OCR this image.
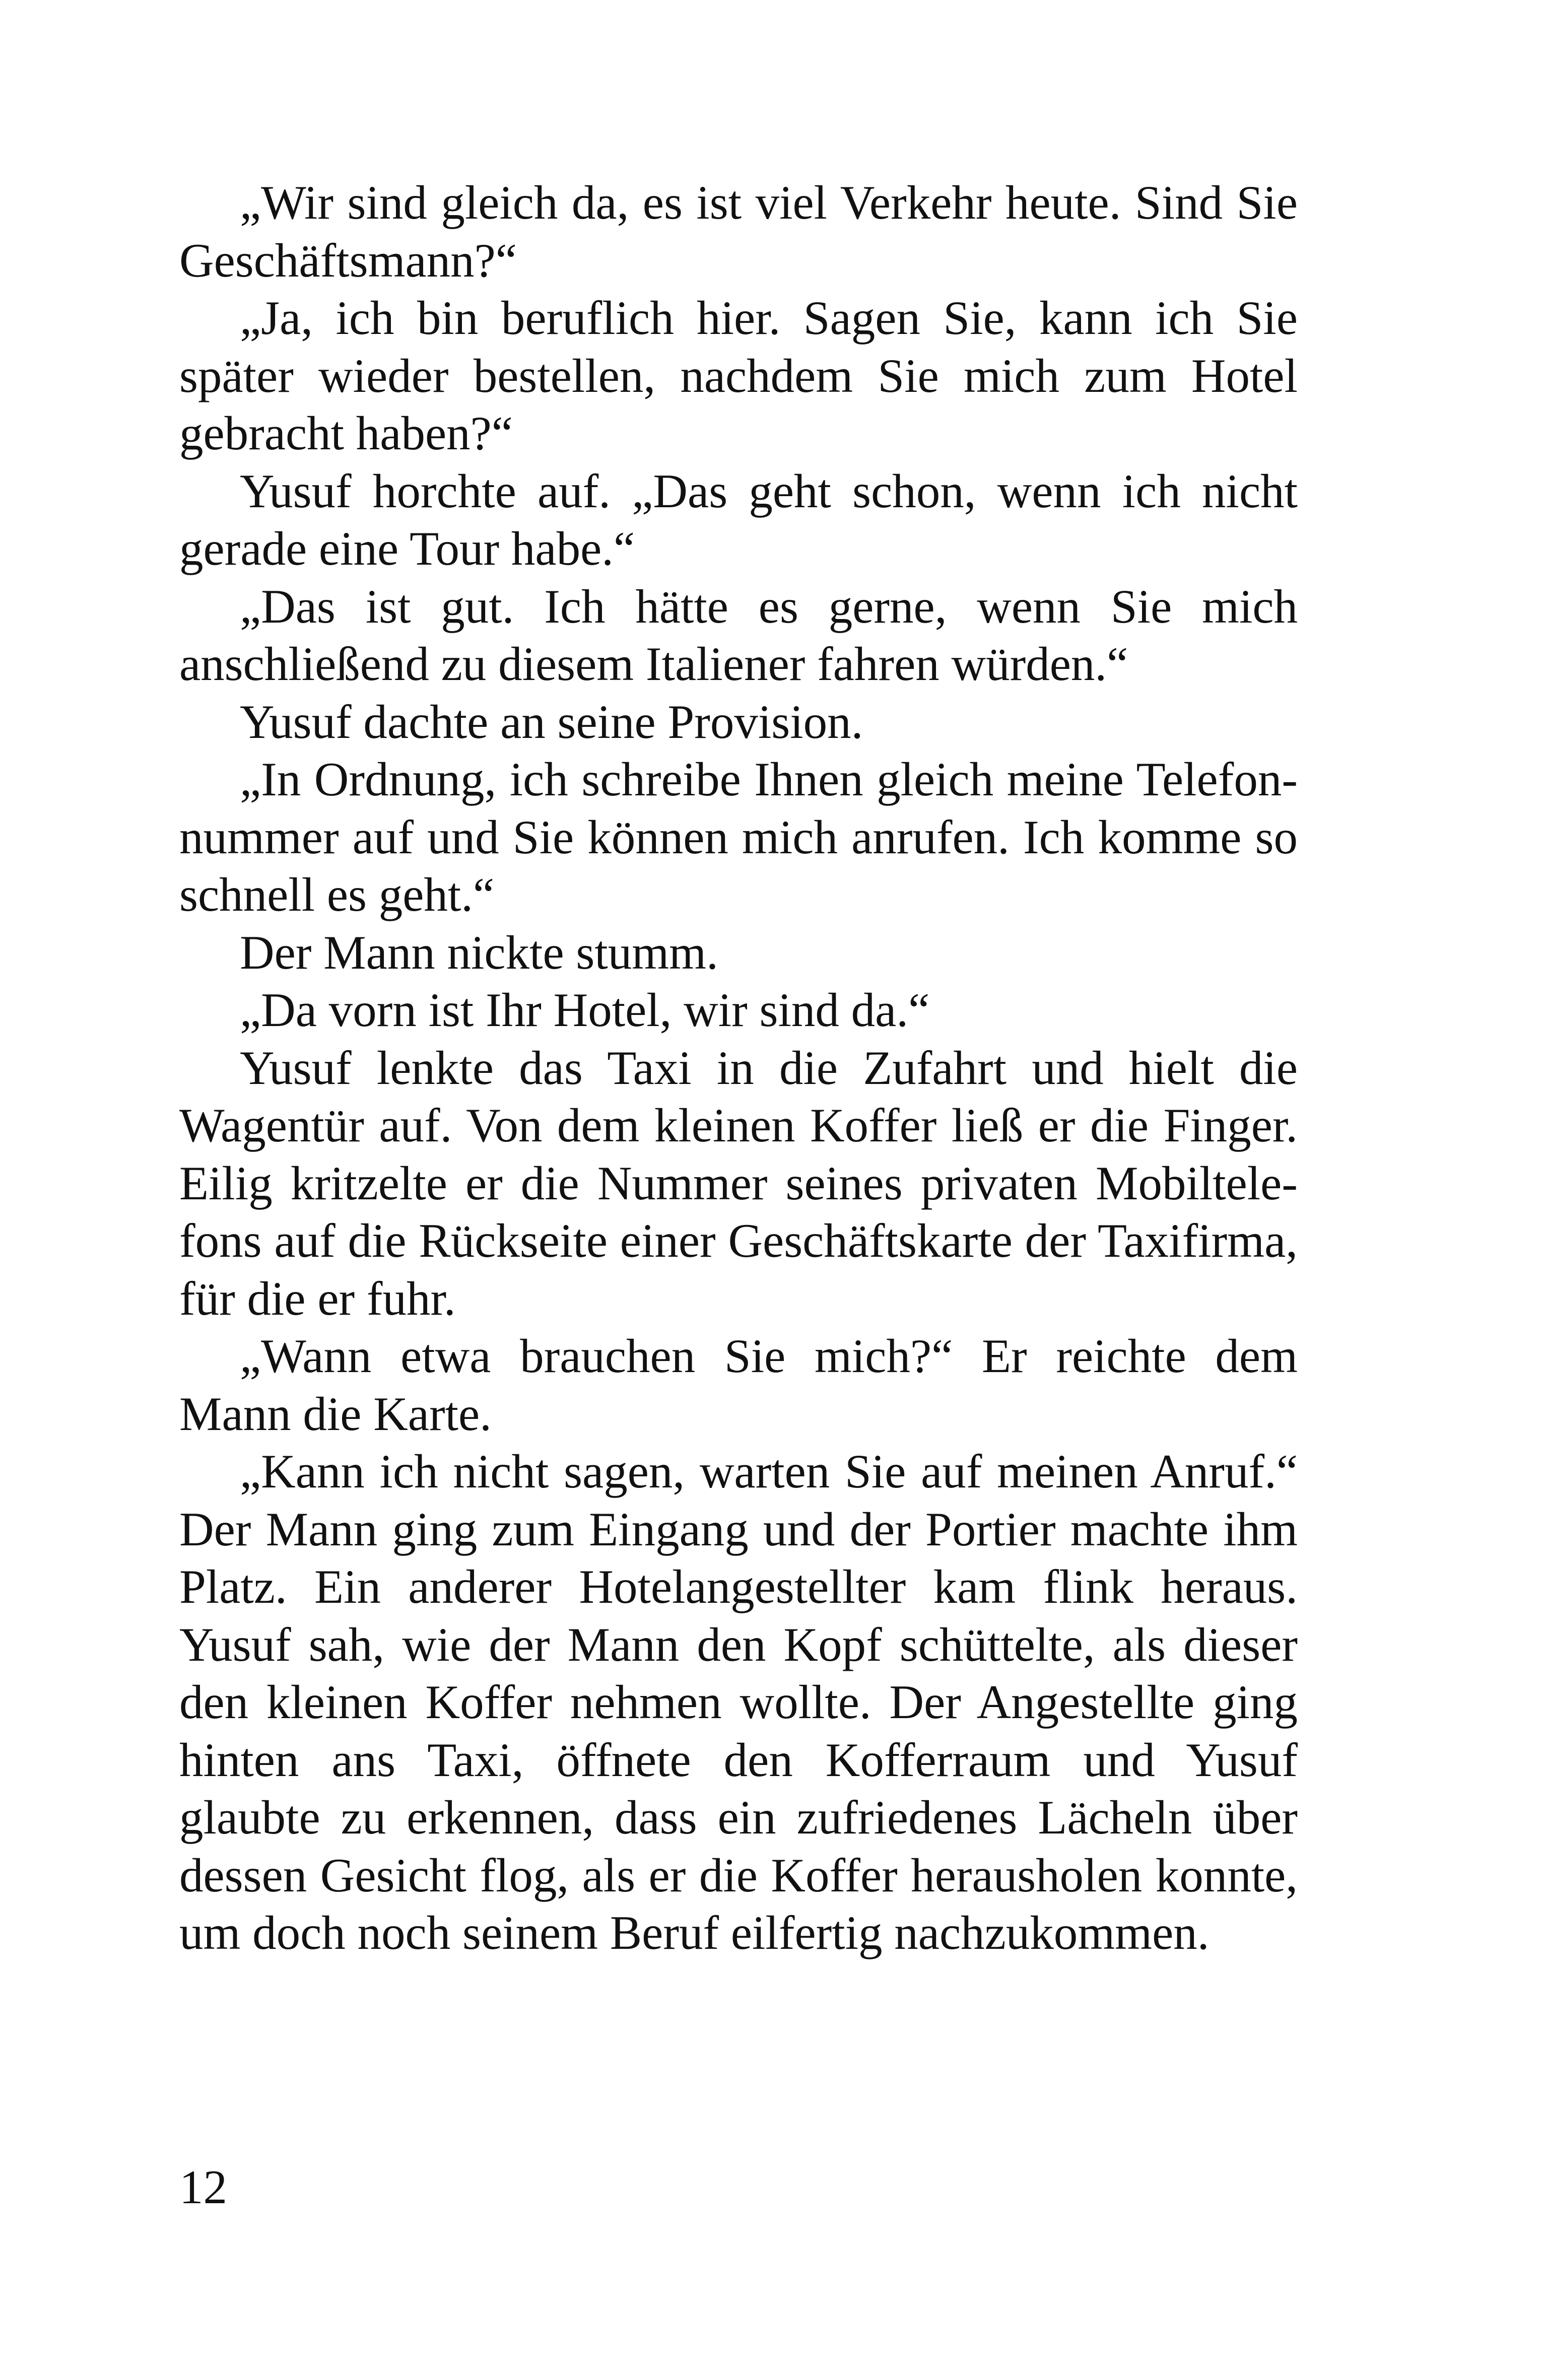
„Wir sind gleich da, es ist viel Verkehr heute. Sind Sie Geschäftsmann?“

„Ja, ich bin beruflich hier. Sagen Sie, kann ich Sie später wieder bestellen, nachdem Sie mich zum Hotel gebracht haben?“

Yusuf horchte auf. „Das geht schon, wenn ich nicht gerade eine Tour habe.“

„Das ist gut. Ich hätte es gerne, wenn Sie mich anschließend zu diesem Italiener fahren würden.“

Yusuf dachte an seine Provision.

„In Ordnung, ich schreibe Ihnen gleich meine Telefonnummer auf und Sie können mich anrufen. Ich komme so schnell es geht.“

Der Mann nickte stumm.

„Da vorn ist Ihr Hotel, wir sind da.“

Yusuf lenkte das Taxi in die Zufahrt und hielt die Wagentür auf. Von dem kleinen Koffer ließ er die Finger. Eilig kritzelte er die Nummer seines privaten Mobiltelefons auf die Rückseite einer Geschäftskarte der Taxifirma, für die er fuhr.

„Wann etwa brauchen Sie mich?“ Er reichte dem Mann die Karte.

„Kann ich nicht sagen, warten Sie auf meinen Anruf.“ Der Mann ging zum Eingang und der Portier machte ihm Platz. Ein anderer Hotelangestellter kam flink heraus. Yusuf sah, wie der Mann den Kopf schüttelte, als dieser den kleinen Koffer nehmen wollte. Der Angestellte ging hinten ans Taxi, öffnete den Kofferraum und Yusuf glaubte zu erkennen, dass ein zufriedenes Lächeln über dessen Gesicht flog, als er die Koffer herausholen konnte, um doch noch seinem Beruf eilfertig nachzukommen.

12
